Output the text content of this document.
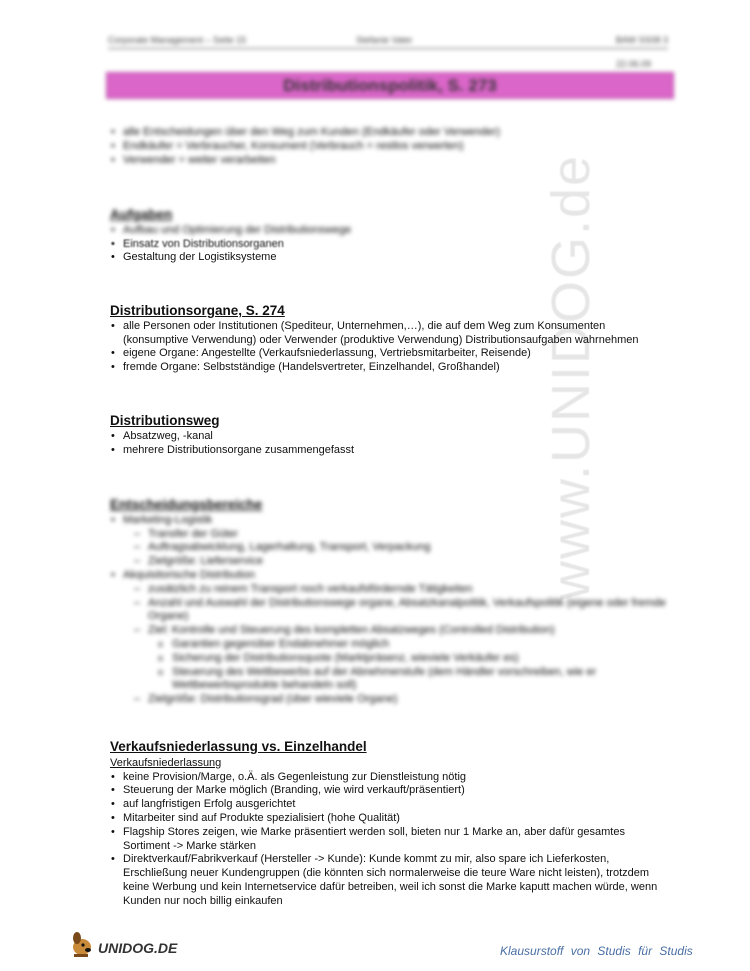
www.UNIDOG.de
Corporate Management – Seite 15	Stefanie Vater	BAW SS08 3
22.06.09
Distributionspolitik, S. 273
• alle Entscheidungen über den Weg zum Kunden (Endkäufer oder Verwender)
• Endkäufer = Verbraucher, Konsument (Verbrauch = restlos verwerten)
• Verwender = weiter verarbeiten
Aufgaben
• Aufbau und Optimierung der Distributionswege
• Einsatz von Distributionsorganen
• Gestaltung der Logistiksysteme
Distributionsorgane, S. 274
• alle Personen oder Institutionen (Spediteur, Unternehmen,…), die auf dem Weg zum Konsumenten (konsumptive Verwendung) oder Verwender (produktive Verwendung) Distributionsaufgaben wahrnehmen
• eigene Organe: Angestellte (Verkaufsniederlassung, Vertriebsmitarbeiter, Reisende)
• fremde Organe: Selbstständige (Handelsvertreter, Einzelhandel, Großhandel)
Distributionsweg
• Absatzweg, -kanal
• mehrere Distributionsorgane zusammengefasst
Entscheidungsbereiche
• Marketing-Logistik
– Transfer der Güter
– Auftragsabwicklung, Lagerhaltung, Transport, Verpackung
– Zielgröße: Lieferservice
• Akquisitorische Distribution
– zusätzlich zu reinem Transport noch verkaufsfördernde Tätigkeiten
– Anzahl und Auswahl der Distributionswege organe, Absatzkanalpolitik, Verkaufspolitik (eigene oder fremde Organe)
– Ziel: Kontrolle und Steuerung des kompletten Absatzweges (Controlled Distribution)
o Garantien gegenüber Endabnehmer möglich
o Sicherung der Distributionsquote (Marktpräsenz, wieviele Verkäufer es)
o Steuerung des Wettbewerbs auf der Abnehmerstufe (dem Händler vorschreiben, wie er Wettbewerbsprodukte behandeln soll)
– Zielgröße: Distributionsgrad (über wieviele Organe)
Verkaufsniederlassung vs. Einzelhandel
Verkaufsniederlassung
• keine Provision/Marge, o.Ä. als Gegenleistung zur Dienstleistung nötig
• Steuerung der Marke möglich (Branding, wie wird verkauft/präsentiert)
• auf langfristigen Erfolg ausgerichtet
• Mitarbeiter sind auf Produkte spezialisiert (hohe Qualität)
• Flagship Stores zeigen, wie Marke präsentiert werden soll, bieten nur 1 Marke an, aber dafür gesamtes Sortiment -> Marke stärken
• Direktverkauf/Fabrikverkauf (Hersteller -> Kunde): Kunde kommt zu mir, also spare ich Lieferkosten, Erschließung neuer Kundengruppen (die könnten sich normalerweise die teure Ware nicht leisten), trotzdem keine Werbung und kein Internetservice dafür betreiben, weil ich sonst die Marke kaputt machen würde, wenn Kunden nur noch billig einkaufen
UNIDOG.DE	Klausurstoff von Studis für Studis
